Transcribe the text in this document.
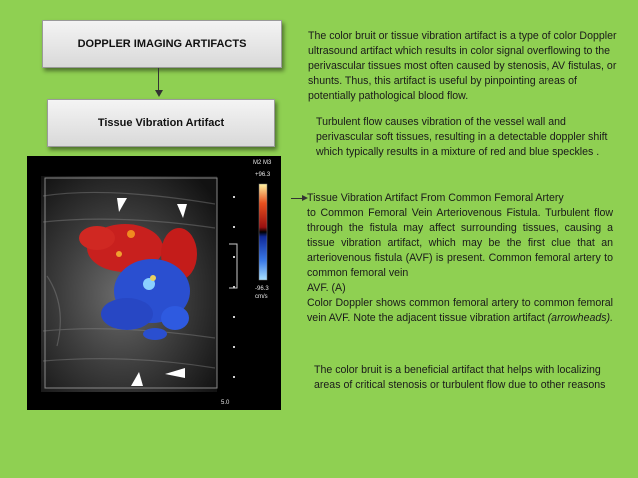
DOPPLER IMAGING ARTIFACTS
Tissue Vibration Artifact
The color bruit or tissue vibration artifact is a type of color Doppler ultrasound artifact which results in color signal overflowing to the perivascular tissues most often caused by stenosis, AV fistulas, or shunts. Thus, this artifact is useful by pinpointing areas of potentially pathological blood flow.
Turbulent flow causes vibration of the vessel wall and perivascular soft tissues, resulting in a detectable doppler shift which typically results in a mixture of red and blue speckles .

Tissue Vibration Artifact From Common Femoral Artery

to Common Femoral Vein Arteriovenous Fistula. Turbulent flow through the fistula may affect surrounding tissues, causing a tissue vibration artifact, which may be the first clue that an arteriovenous fistula (AVF) is present. Common femoral artery to common femoral vein

AVF. (A)

Color Doppler shows common femoral artery to common femoral vein AVF. Note the adjacent tissue vibration artifact (arrowheads).

The color bruit is a beneficial artifact that helps with localizing areas of critical stenosis or turbulent flow due to other reasons
M2 M3
+96.3
-96.3
cm/s
5.0
